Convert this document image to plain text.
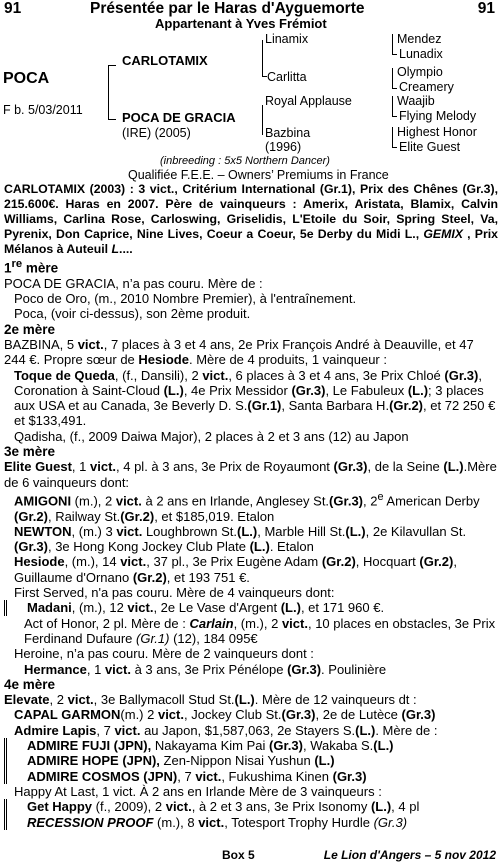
91	Présentée par le Haras d'Ayguemorte	91
Appartenant à Yves Frémiot
POCA
F b. 5/03/2011
CARLOTAMIX
POCA DE GRACIA
(IRE) (2005)
Linamix
Carlitta
Royal Applause
Bazbina
(1996)
Mendez
Lunadix
Olympio
Creamery
Waajib
Flying Melody
Highest Honor
Elite Guest
(inbreeding : 5x5 Northern Dancer)
Qualifiée F.E.E. – Owners’ Premiums in France

CARLOTAMIX (2003) : 3 vict., Critérium International (Gr.1), Prix des Chênes (Gr.3), 215.600€. Haras en 2007. Père de vainqueurs : Amerix, Aristata, Blamix, Calvin Williams, Carlina Rose, Carloswing, Griselidis, L'Etoile du Soir, Spring Steel, Va, Pyrenix, Don Caprice, Nine Lives, Coeur a Coeur, 5e Derby du Midi L., GEMIX , Prix Mélanos à Auteuil L....

1re mère

POCA DE GRACIA, n’a pas couru. Mère de :

Poco de Oro, (m., 2010 Nombre Premier), à l'entraînement.

Poca, (voir ci-dessus), son 2ème produit.

2e mère

BAZBINA, 5 vict., 7 places à 3 et 4 ans, 2e Prix François André à Deauville, et 47 244 €. Propre sœur de Hesiode. Mère de 4 produits, 1 vainqueur :

Toque de Queda, (f., Dansili), 2 vict., 6 places à 3 et 4 ans, 3e Prix Chloé (Gr.3), Coronation à Saint-Cloud (L.), 4e Prix Messidor (Gr.3), Le Fabuleux (L.); 3 places aux USA et au Canada, 3e Beverly D. S.(Gr.1), Santa Barbara H.(Gr.2), et 72 250 € et $133,491.

Qadisha, (f., 2009 Daiwa Major), 2 places à 2 et 3 ans (12) au Japon

3e mère

Elite Guest, 1 vict., 4 pl. à 3 ans, 3e Prix de Royaumont (Gr.3), de la Seine (L.).Mère de 6 vainqueurs dont:

AMIGONI (m.), 2 vict. à 2 ans en Irlande, Anglesey St.(Gr.3), 2e American Derby (Gr.2), Railway St.(Gr.2), et $185,019. Etalon

NEWTON, (m.) 3 vict. Loughbrown St.(L.), Marble Hill St.(L.), 2e Kilavullan St.(Gr.3), 3e Hong Kong Jockey Club Plate (L.). Etalon

Hesiode, (m.), 14 vict., 37 pl., 3e Prix Eugène Adam (Gr.2), Hocquart (Gr.2), Guillaume d'Ornano (Gr.2), et 193 751 €.

First Served, n'a pas couru. Mère de 4 vainqueurs dont:

Madani, (m.), 12 vict., 2e Le Vase d'Argent (L.), et 171 960 €.

Act of Honor, 2 pl. Mère de : Carlain, (m.), 2 vict., 10 places en obstacles, 3e Prix Ferdinand Dufaure (Gr.1) (12), 184 095€

Heroine, n’a pas couru. Mère de 2 vainqueurs dont :

Hermance, 1 vict. à 3 ans, 3e Prix Pénélope (Gr.3). Poulinière

4e mère

Elevate, 2 vict., 3e Ballymacoll Stud St.(L.). Mère de 12 vainqueurs dt :

CAPAL GARMON(m.) 2 vict., Jockey Club St.(Gr.3), 2e de Lutèce (Gr.3)

Admire Lapis, 7 vict. au Japon, $1,587,063, 2e Stayers S.(L.). Mère de :

ADMIRE FUJI (JPN), Nakayama Kim Pai (Gr.3), Wakaba S.(L.)

ADMIRE HOPE (JPN), Zen-Nippon Nisai Yushun (L.)

ADMIRE COSMOS (JPN), 7 vict., Fukushima Kinen (Gr.3)

Happy At Last, 1 vict. À 2 ans en Irlande Mère de 3 vainqueurs :

Get Happy (f., 2009), 2 vict., à 2 et 3 ans, 3e Prix Isonomy (L.), 4 pl

RECESSION PROOF (m.), 8 vict., Totesport Trophy Hurdle (Gr.3)

Box 5	Le Lion d'Angers – 5 nov 2012
